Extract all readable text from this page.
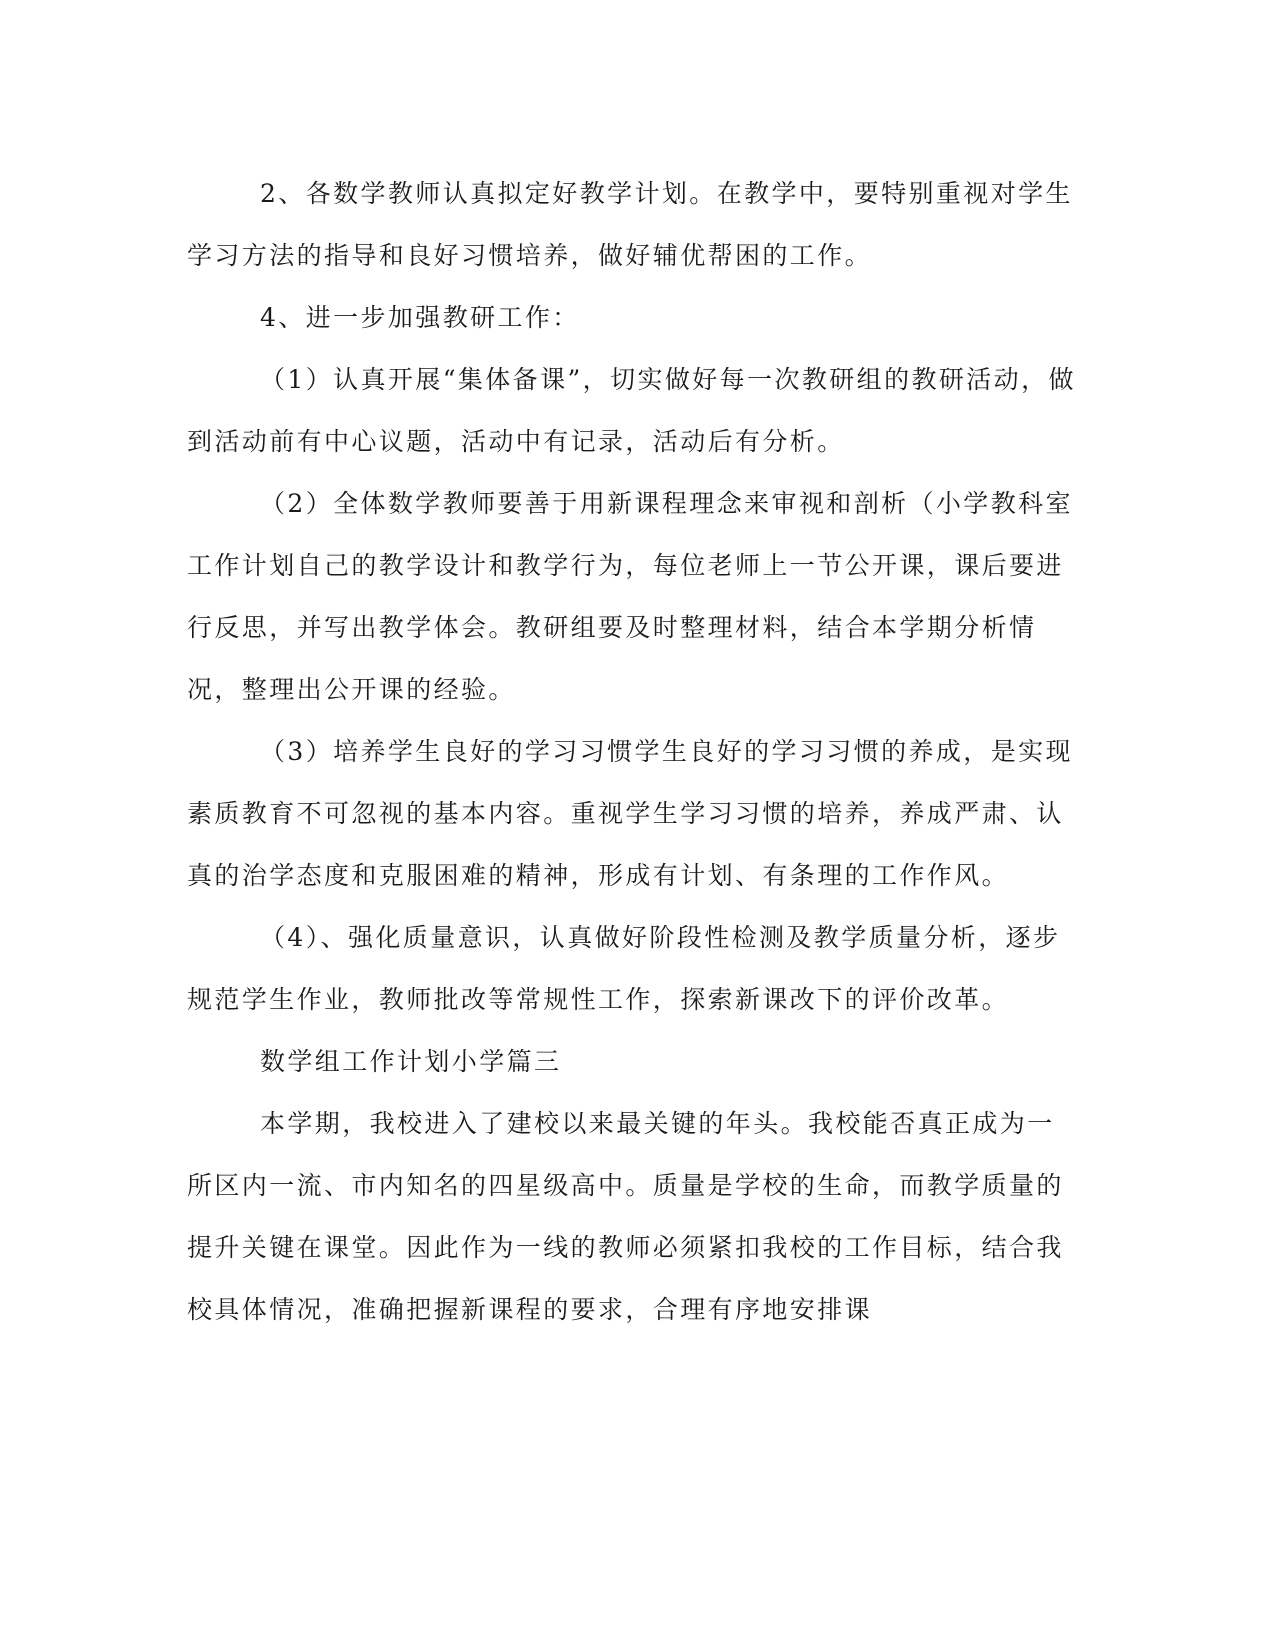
2、各数学教师认真拟定好教学计划。在教学中，要特别重视对学生学习方法的指导和良好习惯培养，做好辅优帮困的工作。

4、进一步加强教研工作：

（1）认真开展“集体备课”，切实做好每一次教研组的教研活动，做到活动前有中心议题，活动中有记录，活动后有分析。

（2）全体数学教师要善于用新课程理念来审视和剖析（小学教科室工作计划自己的教学设计和教学行为，每位老师上一节公开课，课后要进行反思，并写出教学体会。教研组要及时整理材料，结合本学期分析情况，整理出公开课的经验。

（3）培养学生良好的学习习惯学生良好的学习习惯的养成，是实现素质教育不可忽视的基本内容。重视学生学习习惯的培养，养成严肃、认真的治学态度和克服困难的精神，形成有计划、有条理的工作作风。

（4）、强化质量意识，认真做好阶段性检测及教学质量分析，逐步规范学生作业，教师批改等常规性工作，探索新课改下的评价改革。

数学组工作计划小学篇三

本学期，我校进入了建校以来最关键的年头。我校能否真正成为一所区内一流、市内知名的四星级高中。质量是学校的生命，而教学质量的提升关键在课堂。因此作为一线的教师必须紧扣我校的工作目标，结合我校具体情况，准确把握新课程的要求，合理有序地安排课
